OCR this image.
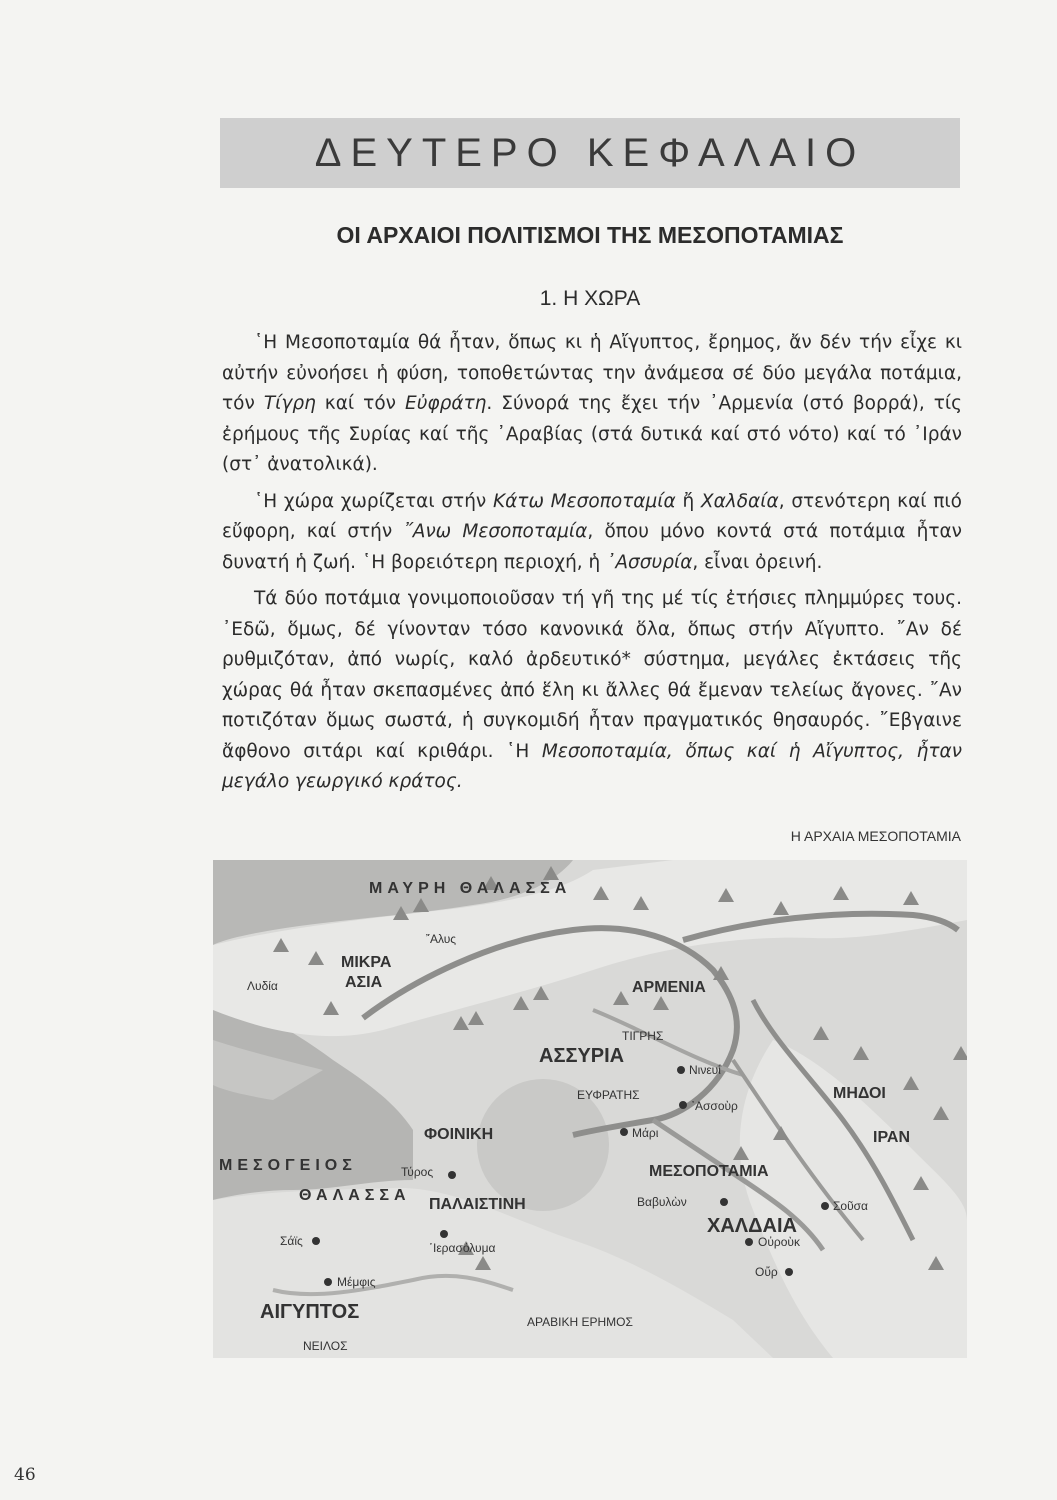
ΔΕΥΤΕΡΟ ΚΕΦΑΛΑΙΟ
ΟΙ ΑΡΧΑΙΟΙ ΠΟΛΙΤΙΣΜΟΙ ΤΗΣ ΜΕΣΟΠΟΤΑΜΙΑΣ
1. Η ΧΩΡΑ

῾Η Μεσοποταμία θά ἦταν, ὅπως κι ἡ Αἴγυπτος, ἔρημος, ἄν δέν τήν εἶχε κι αὐτήν εὐνοήσει ἡ φύση, τοποθετώντας την ἀνάμεσα σέ δύο μεγάλα ποτάμια, τόν Τίγρη καί τόν Εὐφράτη. Σύνορά της ἔχει τήν ᾿Αρμενία (στό βορρά), τίς ἐρήμους τῆς Συρίας καί τῆς ᾿Αραβίας (στά δυτικά καί στό νότο) καί τό ᾿Ιράν (στ᾿ ἀνατολικά).

῾Η χώρα χωρίζεται στήν Κάτω Μεσοποταμία ἤ Χαλδαία, στενότερη καί πιό εὔφορη, καί στήν ῎Ανω Μεσοποταμία, ὅπου μόνο κοντά στά ποτάμια ἦταν δυνατή ἡ ζωή. ῾Η βορειότερη περιοχή, ἡ ᾿Ασσυρία, εἶναι ὀρεινή.

Τά δύο ποτάμια γονιμοποιοῦσαν τή γῆ της μέ τίς ἐτήσιες πλημμύρες τους. ᾿Εδῶ, ὅμως, δέ γίνονταν τόσο κανονικά ὅλα, ὅπως στήν Αἴγυπτο. ῎Αν δέ ρυθμιζόταν, ἀπό νωρίς, καλό ἀρδευτικό* σύστημα, μεγάλες ἐκτάσεις τῆς χώρας θά ἦταν σκεπασμένες ἀπό ἕλη κι ἄλλες θά ἔμεναν τελείως ἄγονες. ῎Αν ποτιζόταν ὅμως σωστά, ἡ συγκομιδή ἦταν πραγματικός θησαυρός. ῎Εβγαινε ἄφθονο σιτάρι καί κριθάρι. ῾Η Μεσοποταμία, ὅπως καί ἡ Αἴγυπτος, ἦταν μεγάλο γεωργικό κράτος.

Η ΑΡΧΑΙΑ ΜΕΣΟΠΟΤΑΜΙΑ
ΜΑΥΡΗ ΘΑΛΑΣΣΑ
῎Αλυς
ΜΙΚΡΑ
ΑΣΙΑ
Λυδία	ΑΡΜΕΝΙΑ
ΤΙΓΡΗΣ
ΑΣΣΥΡΙΑ
Νινευΐ
ΕΥΦΡΑΤΗΣ
᾿Ασσοὺρ
ΜΗΔΟΙ
ΙΡΑΝ
ΦΟΙΝΙΚΗ	Μάρι
ΜΕΣΟΓΕΙΟΣ	Τύρος	ΜΕΣΟΠΟΤΑΜΙΑ
ΘΑΛΑΣΣΑ
ΠΑΛΑΙΣΤΙΝΗ	Βαβυλὼν	Σοῦσα
ΧΑΛΔΑΙΑ
Σάϊς	῾Ιερασόλυμα	Οὐροὺκ
Οὔρ
Μέμφις
ΑΙΓΥΠΤΟΣ	ΑΡΑΒΙΚΗ ΕΡΗΜΟΣ
ΝΕΙΛΟΣ
46
